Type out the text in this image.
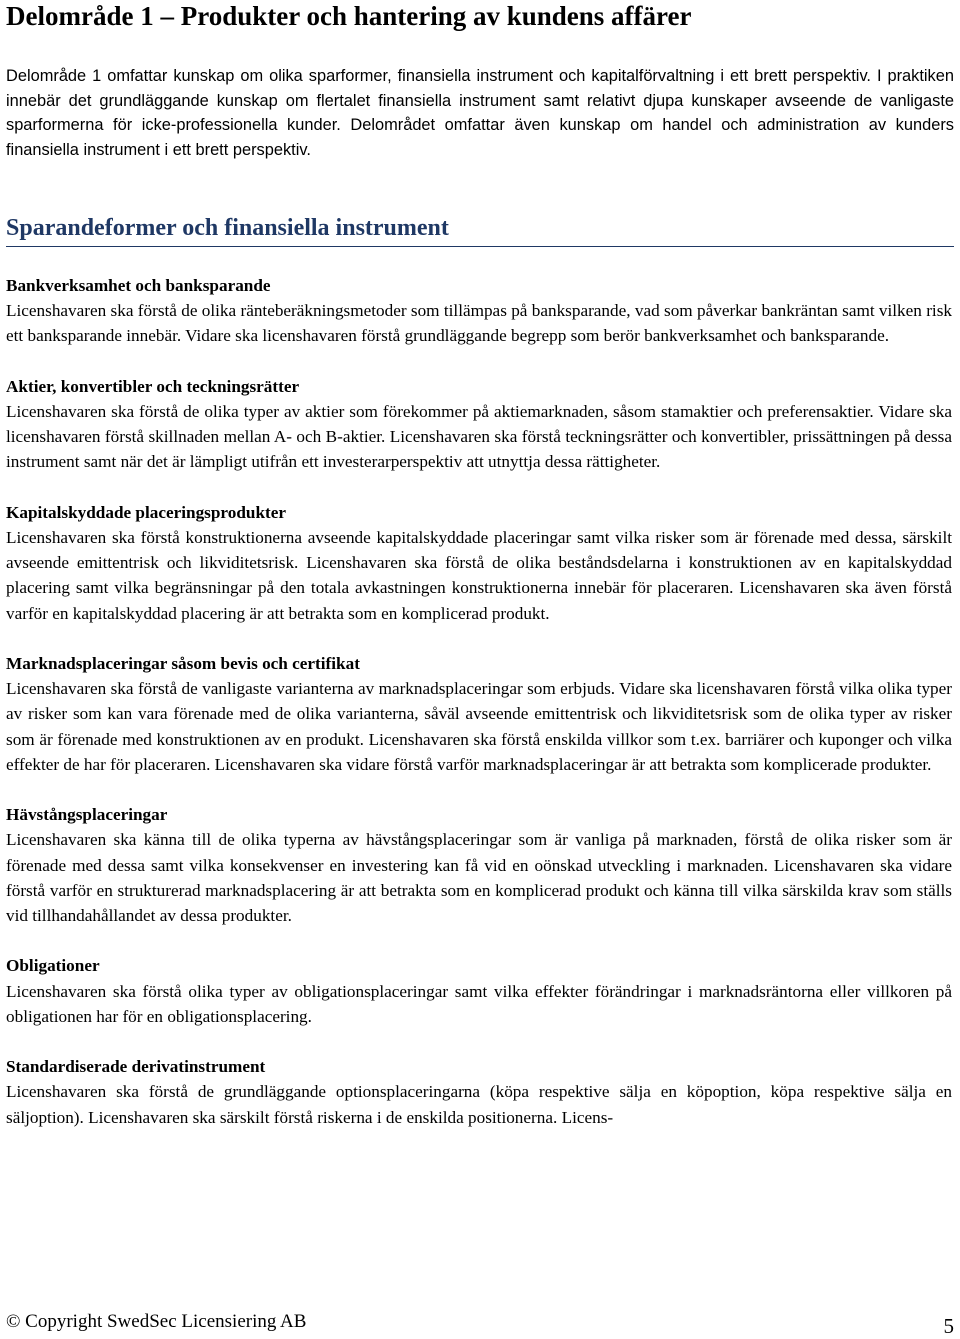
Delområde 1 – Produkter och hantering av kundens affärer

Delområde 1 omfattar kunskap om olika sparformer, finansiella instrument och kapitalförvaltning i ett brett perspektiv. I praktiken innebär det grundläggande kunskap om flertalet finansiella instrument samt relativt djupa kunskaper avseende de vanligaste sparformerna för icke-professionella kunder. Delområdet omfattar även kunskap om handel och administration av kunders finansiella instrument i ett brett perspektiv.

Sparandeformer och finansiella instrument
Bankverksamhet och banksparande

Licenshavaren ska förstå de olika ränteberäkningsmetoder som tillämpas på banksparande, vad som påverkar bankräntan samt vilken risk ett banksparande innebär. Vidare ska licenshavaren förstå grundläggande begrepp som berör bankverksamhet och banksparande.

Aktier, konvertibler och teckningsrätter

Licenshavaren ska förstå de olika typer av aktier som förekommer på aktiemarknaden, såsom stamaktier och preferensaktier. Vidare ska licenshavaren förstå skillnaden mellan A- och B-aktier. Licenshavaren ska förstå teckningsrätter och konvertibler, prissättningen på dessa instrument samt när det är lämpligt utifrån ett investerarperspektiv att utnyttja dessa rättigheter.

Kapitalskyddade placeringsprodukter

Licenshavaren ska förstå konstruktionerna avseende kapitalskyddade placeringar samt vilka risker som är förenade med dessa, särskilt avseende emittentrisk och likviditetsrisk. Licenshavaren ska förstå de olika beståndsdelarna i konstruktionen av en kapitalskyddad placering samt vilka begränsningar på den totala avkastningen konstruktionerna innebär för placeraren. Licenshavaren ska även förstå varför en kapitalskyddad placering är att betrakta som en komplicerad produkt.

Marknadsplaceringar såsom bevis och certifikat

Licenshavaren ska förstå de vanligaste varianterna av marknadsplaceringar som erbjuds. Vidare ska licenshavaren förstå vilka olika typer av risker som kan vara förenade med de olika varianterna, såväl avseende emittentrisk och likviditetsrisk som de olika typer av risker som är förenade med konstruktionen av en produkt. Licenshavaren ska förstå enskilda villkor som t.ex. barriärer och kuponger och vilka effekter de har för placeraren. Licenshavaren ska vidare förstå varför marknadsplaceringar är att betrakta som komplicerade produkter.

Hävstångsplaceringar

Licenshavaren ska känna till de olika typerna av hävstångsplaceringar som är vanliga på marknaden, förstå de olika risker som är förenade med dessa samt vilka konsekvenser en investering kan få vid en oönskad utveckling i marknaden. Licenshavaren ska vidare förstå varför en strukturerad marknadsplacering är att betrakta som en komplicerad produkt och känna till vilka särskilda krav som ställs vid tillhandahållandet av dessa produkter.

Obligationer

Licenshavaren ska förstå olika typer av obligationsplaceringar samt vilka effekter förändringar i marknadsräntorna eller villkoren på obligationen har för en obligationsplacering.

Standardiserade derivatinstrument

Licenshavaren ska förstå de grundläggande optionsplaceringarna (köpa respektive sälja en köpoption, köpa respektive sälja en säljoption). Licenshavaren ska särskilt förstå riskerna i de enskilda positionerna. Licens-

© Copyright SwedSec Licensiering AB	5
